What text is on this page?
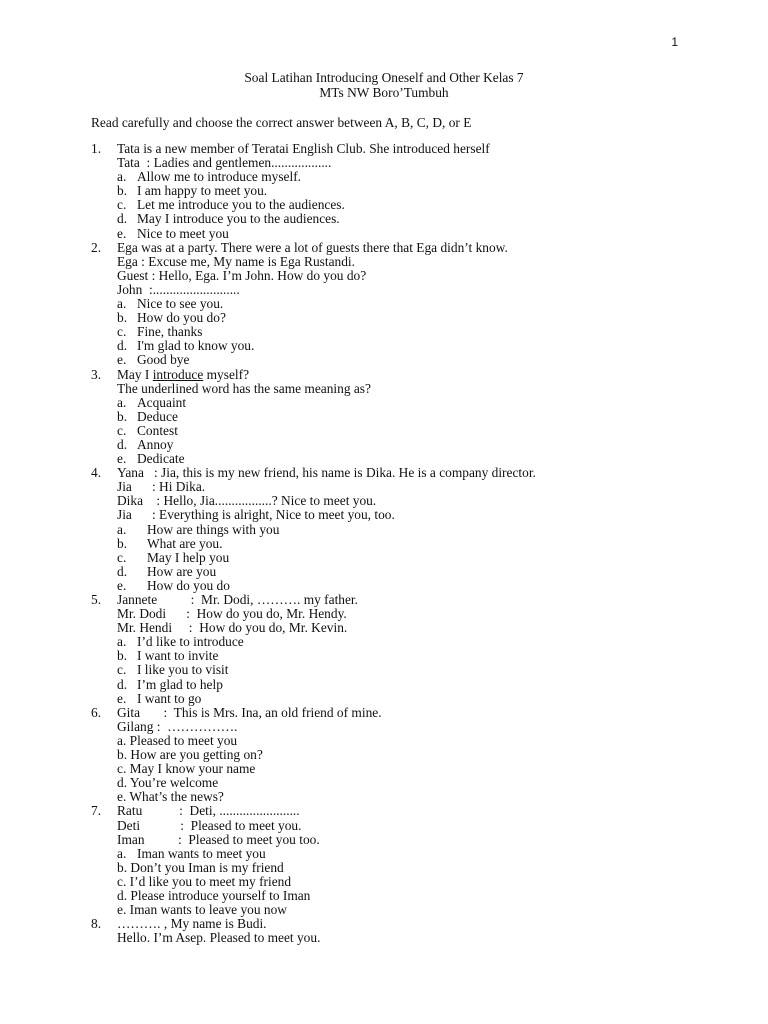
1
Soal Latihan Introducing Oneself and Other Kelas 7
MTs NW Boro’Tumbuh
Read carefully and choose the correct answer between A, B, C, D, or E
1. Tata is a new member of Teratai English Club. She introduced herself
Tata  : Ladies and gentlemen..................
a. Allow me to introduce myself.
b. I am happy to meet you.
c. Let me introduce you to the audiences.
d. May I introduce you to the audiences.
e. Nice to meet you
2. Ega was at a party. There were a lot of guests there that Ega didn’t know.
Ega : Excuse me, My name is Ega Rustandi.
Guest : Hello, Ega. I’m John. How do you do?
John  :..........................
a. Nice to see you.
b. How do you do?
c. Fine, thanks
d. I'm glad to know you.
e. Good bye
3. May I introduce myself?
The underlined word has the same meaning as?
a. Acquaint
b. Deduce
c. Contest
d. Annoy
e. Dedicate
4. Yana   : Jia, this is my new friend, his name is Dika. He is a company director.
Jia      : Hi Dika.
Dika    : Hello, Jia.................? Nice to meet you.
Jia      : Everything is alright, Nice to meet you, too.
a. How are things with you
b. What are you.
c. May I help you
d. How are you
e. How do you do
5. Jannete          :  Mr. Dodi, ………. my father.
Mr. Dodi      :  How do you do, Mr. Hendy.
Mr. Hendi     :  How do you do, Mr. Kevin.
a. I’d like to introduce
b. I want to invite
c. I like you to visit
d. I’m glad to help
e. I want to go
6. Gita       :  This is Mrs. Ina, an old friend of mine.
Gilang :  …………….
a. Pleased to meet you
b. How are you getting on?
c. May I know your name
d. You’re welcome
e. What’s the news?
7. Ratu           :  Deti, ........................
Deti            :  Pleased to meet you.
Iman          :  Pleased to meet you too.
a. Iman wants to meet you
b. Don’t you Iman is my friend
c. I’d like you to meet my friend
d. Please introduce yourself to Iman
e. Iman wants to leave you now
8. ………. , My name is Budi.
Hello. I’m Asep. Pleased to meet you.
